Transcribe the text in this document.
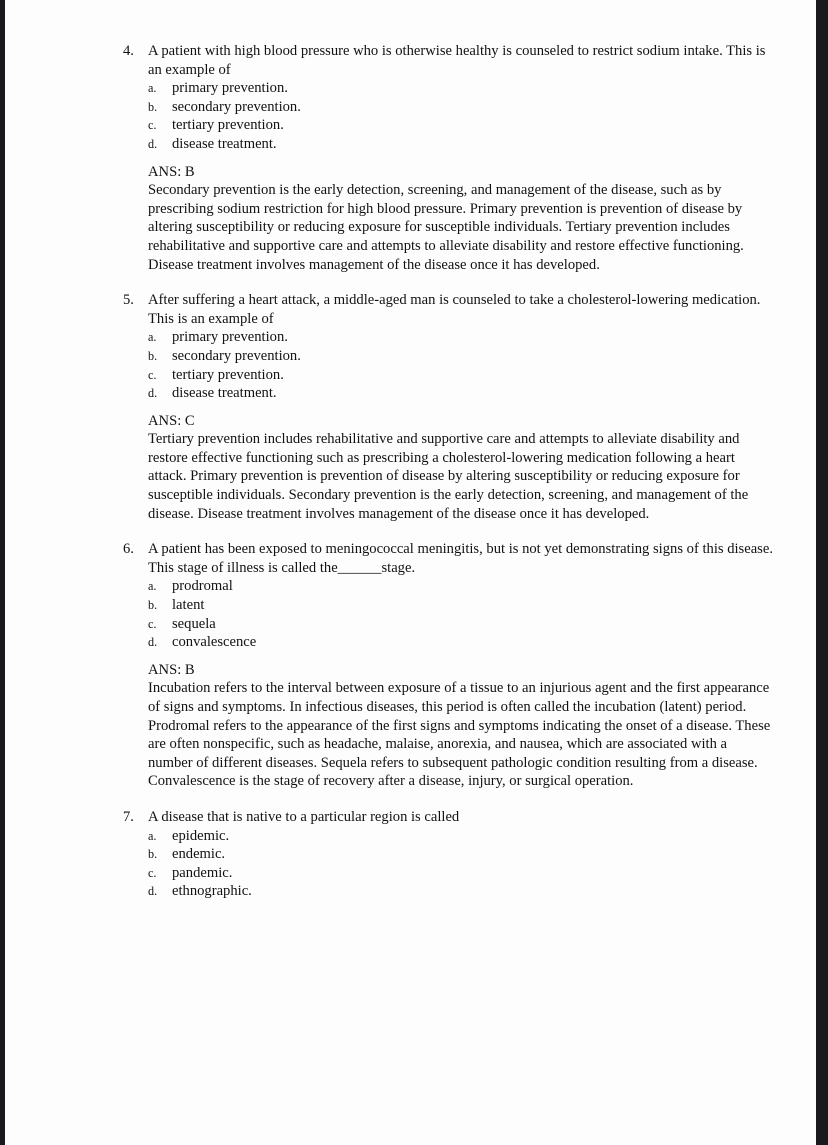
4. A patient with high blood pressure who is otherwise healthy is counseled to restrict sodium intake. This is an example of
a.	primary prevention.
b.	secondary prevention.
c.	tertiary prevention.
d.	disease treatment.
ANS: B
Secondary prevention is the early detection, screening, and management of the disease, such as by prescribing sodium restriction for high blood pressure. Primary prevention is prevention of disease by altering susceptibility or reducing exposure for susceptible individuals. Tertiary prevention includes rehabilitative and supportive care and attempts to alleviate disability and restore effective functioning. Disease treatment involves management of the disease once it has developed.
5. After suffering a heart attack, a middle-aged man is counseled to take a cholesterol-lowering medication. This is an example of
a.	primary prevention.
b.	secondary prevention.
c.	tertiary prevention.
d.	disease treatment.
ANS: C
Tertiary prevention includes rehabilitative and supportive care and attempts to alleviate disability and restore effective functioning such as prescribing a cholesterol-lowering medication following a heart attack. Primary prevention is prevention of disease by altering susceptibility or reducing exposure for susceptible individuals. Secondary prevention is the early detection, screening, and management of the disease. Disease treatment involves management of the disease once it has developed.
6. A patient has been exposed to meningococcal meningitis, but is not yet demonstrating signs of this disease. This stage of illness is called the______stage.
a.	prodromal
b.	latent
c.	sequela
d.	convalescence
ANS: B
Incubation refers to the interval between exposure of a tissue to an injurious agent and the first appearance of signs and symptoms. In infectious diseases, this period is often called the incubation (latent) period. Prodromal refers to the appearance of the first signs and symptoms indicating the onset of a disease. These are often nonspecific, such as headache, malaise, anorexia, and nausea, which are associated with a number of different diseases. Sequela refers to subsequent pathologic condition resulting from a disease. Convalescence is the stage of recovery after a disease, injury, or surgical operation.
7. A disease that is native to a particular region is called
a.	epidemic.
b.	endemic.
c.	pandemic.
d.	ethnographic.
